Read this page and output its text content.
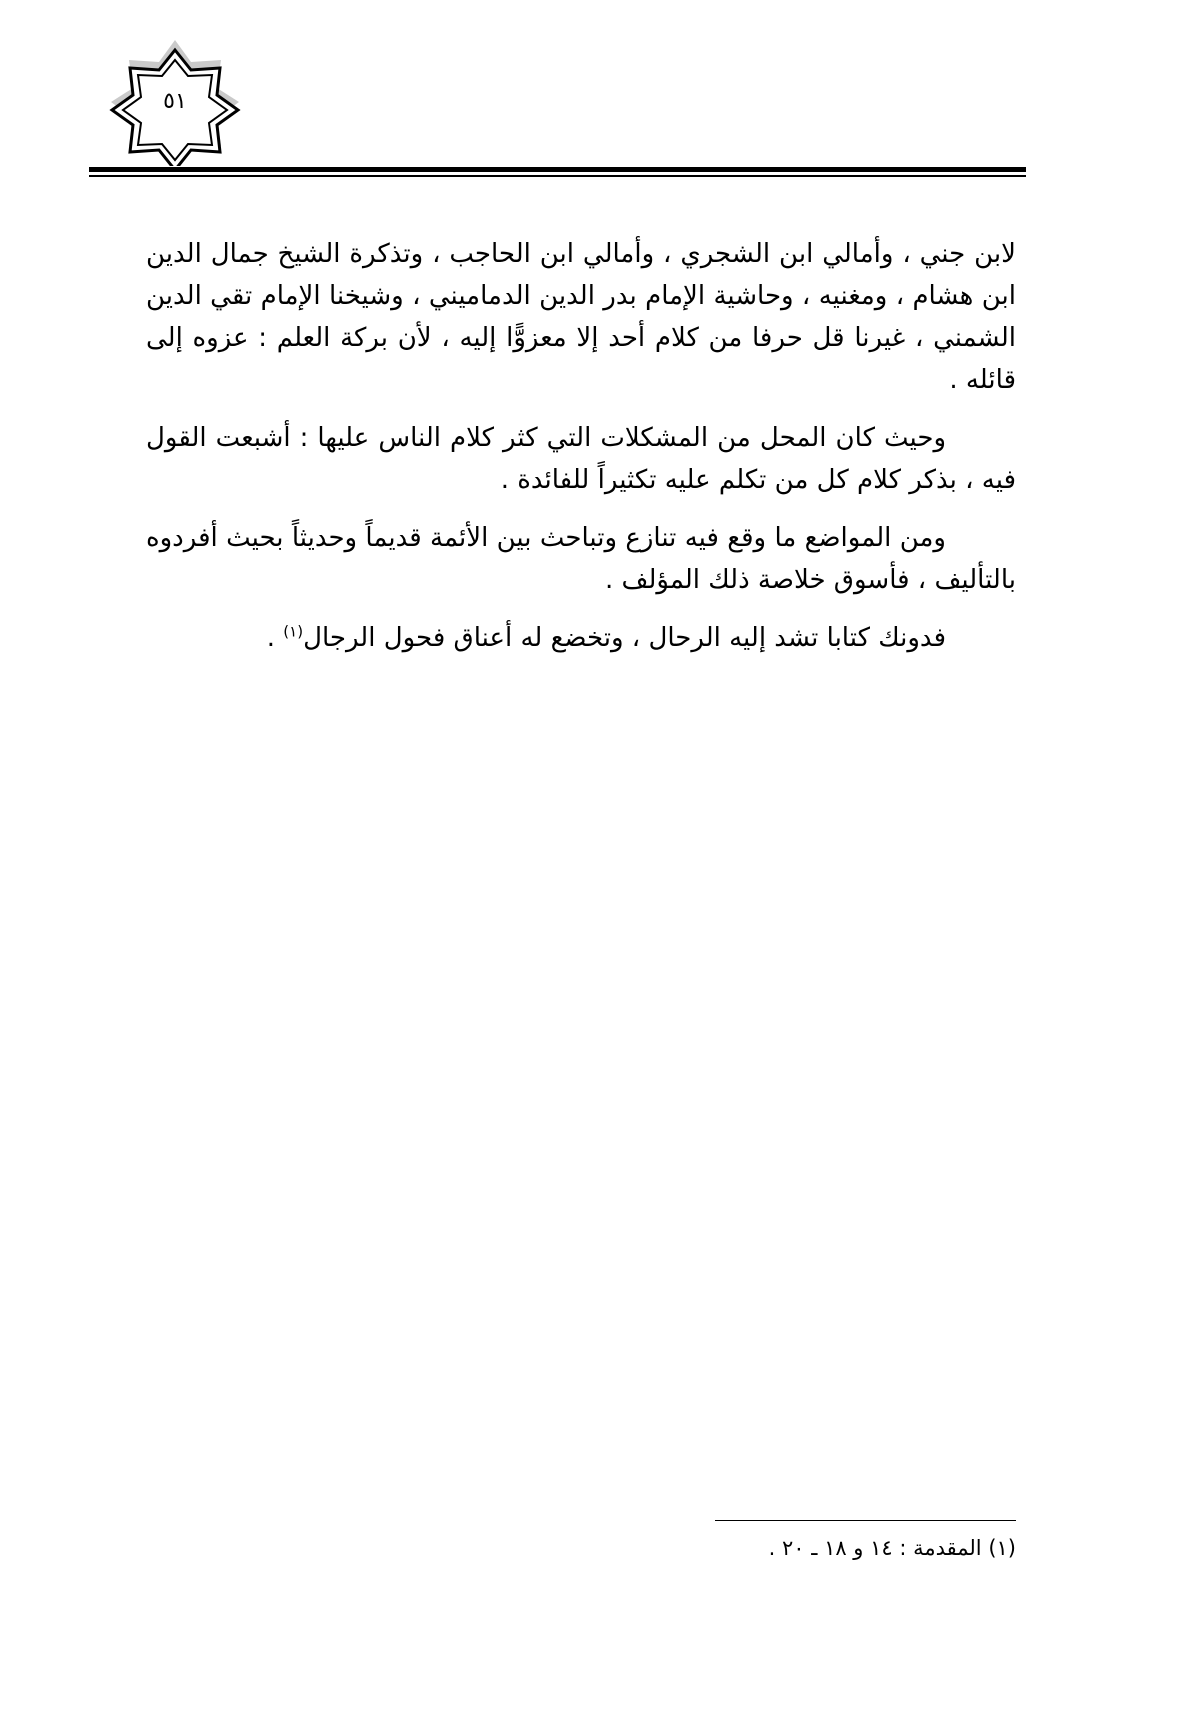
٥١

لابن جني ، وأمالي ابن الشجري ، وأمالي ابن الحاجب ، وتذكرة الشيخ جمال الدين ابن هشام ، ومغنيه ، وحاشية الإمام بدر الدين الدماميني ، وشيخنا الإمام تقي الدين الشمني ، غيرنا قل حرفا من كلام أحد إلا معزوًّا إليه ، لأن بركة العلم : عزوه إلى قائله .

وحيث كان المحل من المشكلات التي كثر كلام الناس عليها : أشبعت القول فيه ، بذكر كلام كل من تكلم عليه تكثيراً للفائدة .

ومن المواضع ما وقع فيه تنازع وتباحث بين الأئمة قديماً وحديثاً بحيث أفردوه بالتأليف ، فأسوق خلاصة ذلك المؤلف .

فدونك كتابا تشد إليه الرحال ، وتخضع له أعناق فحول الرجال$^{(١)}$ .

(١) المقدمة : ١٤ و ١٨ ـ ٢٠ .
